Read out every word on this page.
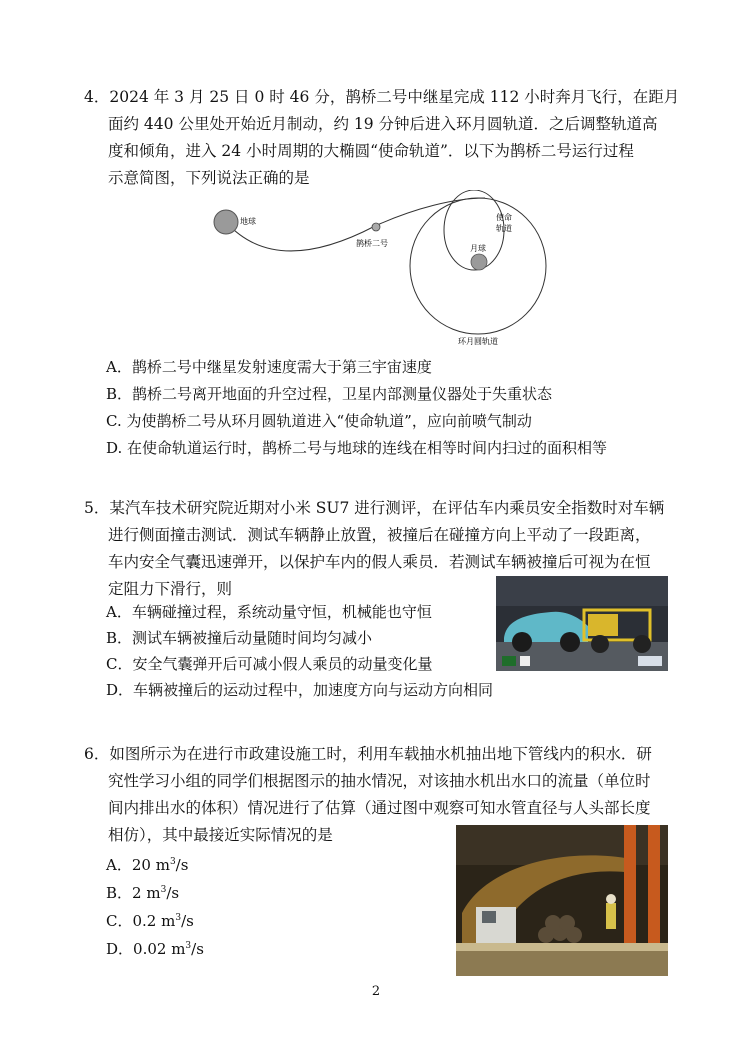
4．2024 年 3 月 25 日 0 时 46 分，鹊桥二号中继星完成 112 小时奔月飞行，在距月
面约 440 公里处开始近月制动，约 19 分钟后进入环月圆轨道．之后调整轨道高
度和倾角，进入 24 小时周期的大椭圆“使命轨道”．以下为鹊桥二号运行过程
示意简图，下列说法正确的是
地球
鹊桥二号
使命
轨道
月球
环月圆轨道
A．鹊桥二号中继星发射速度需大于第三宇宙速度
B．鹊桥二号离开地面的升空过程，卫星内部测量仪器处于失重状态
C. 为使鹊桥二号从环月圆轨道进入“使命轨道”，应向前喷气制动
D. 在使命轨道运行时，鹊桥二号与地球的连线在相等时间内扫过的面积相等
5．某汽车技术研究院近期对小米 SU7 进行测评，在评估车内乘员安全指数时对车辆
进行侧面撞击测试．测试车辆静止放置，被撞后在碰撞方向上平动了一段距离，
车内安全气囊迅速弹开，以保护车内的假人乘员．若测试车辆被撞后可视为在恒
定阻力下滑行，则
A．车辆碰撞过程，系统动量守恒，机械能也守恒
B．测试车辆被撞后动量随时间均匀减小
C．安全气囊弹开后可减小假人乘员的动量变化量
D．车辆被撞后的运动过程中，加速度方向与运动方向相同
6．如图所示为在进行市政建设施工时，利用车载抽水机抽出地下管线内的积水．研
究性学习小组的同学们根据图示的抽水情况，对该抽水机出水口的流量（单位时
间内排出水的体积）情况进行了估算（通过图中观察可知水管直径与人头部长度
相仿），其中最接近实际情况的是
A．20 $m^3/s$
B．2 $m^3/s$
C．0.2 $m^3/s$
D．0.02 $m^3/s$
2
